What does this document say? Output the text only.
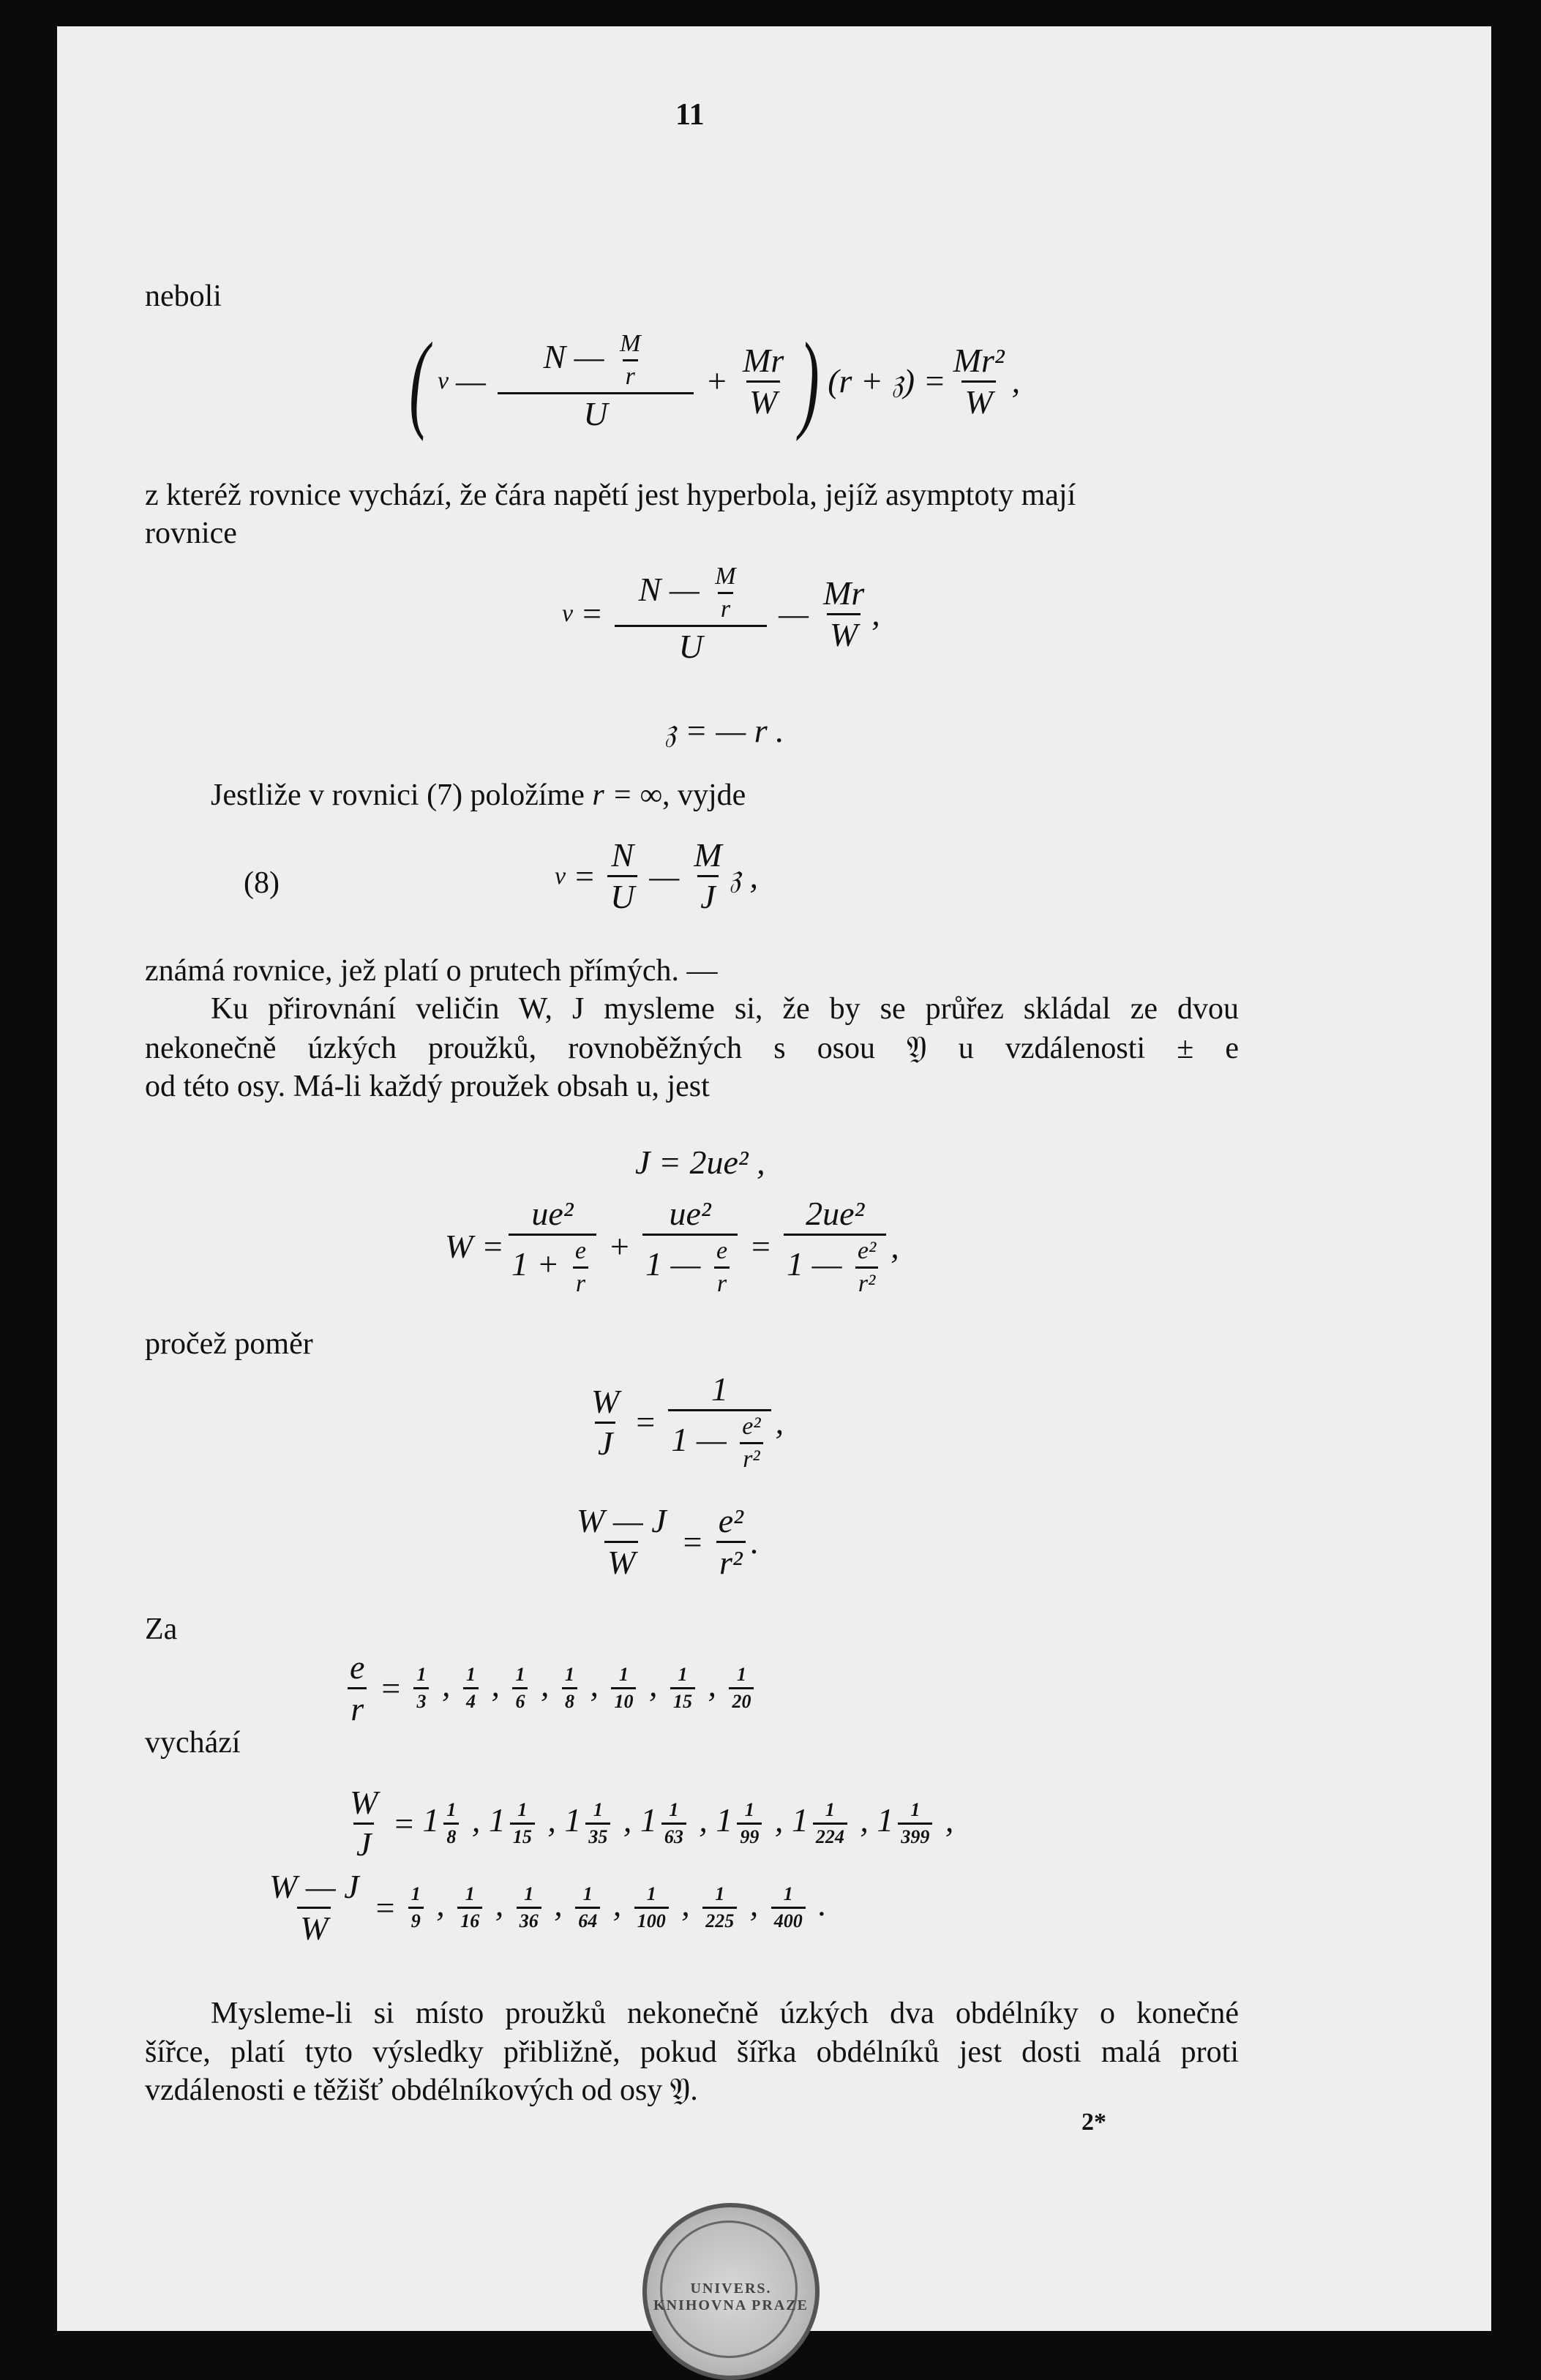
11
neboli
( v — $\frac{N — \frac{M}{r}}{U} + \frac{Mr}{W}$ ) (r + 𝔷) = $\frac{\text{Mr²}}{W}$ ,
z kteréž rovnice vychází, že čára napětí jest hyperbola, jejíž asymptoty mají
rovnice
$v = \frac{N — \frac{M}{r}}{U}$ — $\frac{Mr}{W}$ ,
𝔷 = — r .
Jestliže v rovnici (7) položíme r = ∞, vyjde
(8)	$v = \frac{N}{U}$ — $\frac{M}{J}$ 𝔷 ,
známá rovnice, jež platí o prutech přímých. —
Ku přirovnání veličin W, J mysleme si, že by se průřez skládal ze dvou
nekonečně úzkých proužků, rovnoběžných s osou 𝔜 u vzdálenosti ± e
od této osy. Má-li každý proužek obsah u, jest
J = 2ue² ,
$W = \frac{\text{ue²}}{1 + \frac{e}{r}} + \frac{\text{ue²}}{1 — \frac{e}{r}} = \frac{\text{2ue²}}{1 — \frac{\text{e²}}{\text{r²}}}$ ,
pročež poměr
$\frac{W}{J} = \frac{1}{1 — \frac{\text{e²}}{\text{r²}}}$ ,
$\frac{W — J}{W} = \frac{\text{e²}}{\text{r²}}$ .
Za
$\frac{e}{r} = \frac{1}{3}$ , $\frac{1}{4}$ , $\frac{1}{6}$ , $\frac{1}{8}$ , $\frac{1}{10}$ , $\frac{1}{15}$ , $\frac{1}{20}$
vychází
$\frac{W}{J} = 1 \frac{1}{8}$ , $1 \frac{1}{15}$ , $1 \frac{1}{35}$ , $1 \frac{1}{63}$ , $1 \frac{1}{99}$ , $1 \frac{1}{224}$ , $1 \frac{1}{399}$ ,
$\frac{W — J}{W} = \frac{1}{9}$ , $\frac{1}{16}$ , $\frac{1}{36}$ , $\frac{1}{64}$ , $\frac{1}{100}$ , $\frac{1}{225}$ , $\frac{1}{400}$ .
Mysleme-li si místo proužků nekonečně úzkých dva obdélníky o konečné
šířce, platí tyto výsledky přibližně, pokud šířka obdélníků jest dosti malá proti
vzdálenosti e těžišť obdélníkových od osy 𝔜.
2*
UNIVERS. KNIHOVNA PRAZE
